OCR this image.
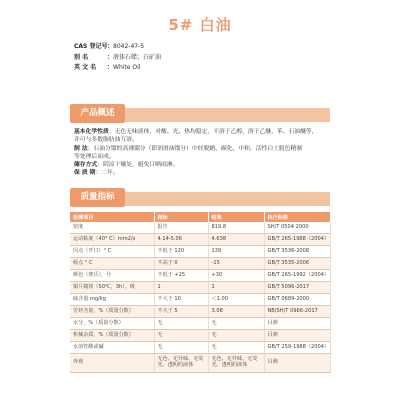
5# 白油
CAS 登记号：8042-47-5
别 名	：液体石蜡；白矿油
英 文 名 ：White Oil
产品概述
基本化学性质：无色无味液体，对酸、光、热均稳定，不溶于乙醇，溶于乙醚、苯、石油醚等，
并可与多数脂肪油互溶。
制 法：石油分馏的高沸馏分（即润滑油馏分）中经脱蜡、碳化、中和，活性白土脱色精制
等处理后而成。
储存方式：阴凉干燥处，避免日晒雨淋。
保 质 期：二年。
质量指标
检测项目	指标	结果	执行标准
密度	报告	819.8	SH/T 0504 2000
运动粘度（40° C）mm2/s	4.14-5.06	4.638	GB/T 265-1988（2004）
闪点（开口）° C	不低于 120	139	GB/T 3536-2008
倾点 ° C	不高于 0	-15	GB/T 3535-2006
颜色（赛氏），号	不低于 +25	+30	GB/T 265-1992（2004）
铜片腐蚀（50℃，3h），级	1	1	GB/T 5096-2017
硫含量 mg/kg	不大于 10	＜1.00	GB/T 0689-2000
芳烃含量，%（质量分数）	不大于 5	3.08	NB/SH/T 0966-2017
水分，%（质量分数）	无	无	目测
机械杂质，%（质量分数）	无	无	目测
水溶性酸或碱	无	无	GB/T 259-1988（2004）
外观	无色、无异味、无荧光、透明的液体	无色、无异味、无荧光、透明的液体	目测
